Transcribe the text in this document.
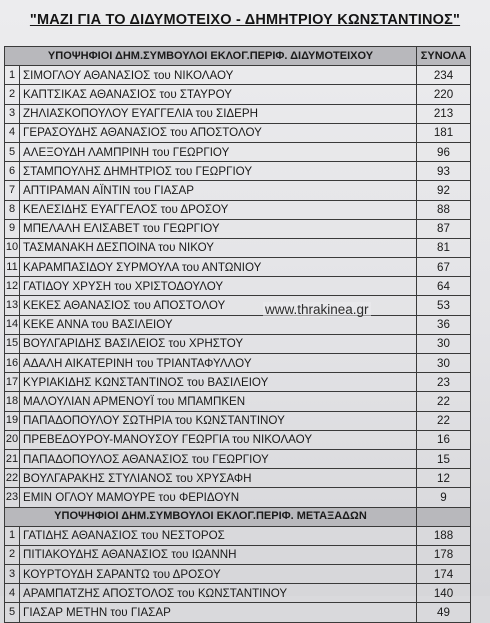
"ΜΑΖΙ ΓΙΑ ΤΟ ΔΙΔΥΜΟΤΕΙΧΟ - ΔΗΜΗΤΡΙΟΥ ΚΩΝΣΤΑΝΤΙΝΟΣ"
ΥΠΟΨΗΦΙΟΙ ΔΗΜ.ΣΥΜΒΟΥΛΟΙ ΕΚΛΟΓ.ΠΕΡΙΦ. ΔΙΔΥΜΟΤΕΙΧΟΥ		ΣΥΝΟΛΑ
1	ΣΙΜΟΓΛΟΥ ΑΘΑΝΑΣΙΟΣ του ΝΙΚΟΛΑΟΥ	234
2	ΚΑΠΤΣΙΚΑΣ ΑΘΑΝΑΣΙΟΣ του ΣΤΑΥΡΟΥ	220
3	ΖΗΛΙΑΣΚΟΠΟΥΛΟΥ ΕΥΑΓΓΕΛΙΑ του ΣΙΔΕΡΗ	213
4	ΓΕΡΑΣΟΥΔΗΣ ΑΘΑΝΑΣΙΟΣ του ΑΠΟΣΤΟΛΟΥ	181
5	ΑΛΕΞΟΥΔΗ ΛΑΜΠΡΙΝΗ του ΓΕΩΡΓΙΟΥ	96
6	ΣΤΑΜΠΟΥΛΗΣ ΔΗΜΗΤΡΙΟΣ του ΓΕΩΡΓΙΟΥ	93
7	ΑΠΤΙΡΑΜΑΝ ΑΪΝΤΙΝ του ΓΙΑΣΑΡ	92
8	ΚΕΛΕΣΙΔΗΣ ΕΥΑΓΓΕΛΟΣ του ΔΡΟΣΟΥ	88
9	ΜΠΕΛΑΛΗ ΕΛΙΣΑΒΕΤ του ΓΕΩΡΓΙΟΥ	87
10	ΤΑΣΜΑΝΑΚΗ ΔΕΣΠΟΙΝΑ του ΝΙΚΟΥ	81
11	ΚΑΡΑΜΠΑΣΙΔΟΥ ΣΥΡΜΟΥΛΑ του ΑΝΤΩΝΙΟΥ	67
12	ΓΑΤΙΔΟΥ ΧΡΥΣΗ του ΧΡΙΣΤΟΔΟΥΛΟΥ	64
13	ΚΕΚΕΣ ΑΘΑΝΑΣΙΟΣ του ΑΠΟΣΤΟΛΟΥ	53
14	ΚΕΚΕ ΑΝΝΑ του ΒΑΣΙΛΕΙΟΥ	36
15	ΒΟΥΛΓΑΡΙΔΗΣ ΒΑΣΙΛΕΙΟΣ του ΧΡΗΣΤΟΥ	30
16	ΑΔΑΛΗ ΑΙΚΑΤΕΡΙΝΗ του ΤΡΙΑΝΤΑΦΥΛΛΟΥ	30
17	ΚΥΡΙΑΚΙΔΗΣ ΚΩΝΣΤΑΝΤΙΝΟΣ του ΒΑΣΙΛΕΙΟΥ	23
18	ΜΑΛΟΥΛΙΑΝ ΑΡΜΕΝΟΥΪ του ΜΠΑΜΠΚΕΝ	22
19	ΠΑΠΑΔΟΠΟΥΛΟΥ ΣΩΤΗΡΙΑ του ΚΩΝΣΤΑΝΤΙΝΟΥ	22
20	ΠΡΕΒΕΔΟΥΡΟΥ-ΜΑΝΟΥΣΟΥ ΓΕΩΡΓΙΑ του ΝΙΚΟΛΑΟΥ	16
21	ΠΑΠΑΔΟΠΟΥΛΟΣ ΑΘΑΝΑΣΙΟΣ του ΓΕΩΡΓΙΟΥ	15
22	ΒΟΥΛΓΑΡΑΚΗΣ ΣΤΥΛΙΑΝΟΣ του ΧΡΥΣΑΦΗ	12
23	ΕΜΙΝ ΟΓΛΟΥ ΜΑΜΟΥΡΕ του ΦΕΡΙΔΟΥΝ	9
ΥΠΟΨΗΦΙΟΙ ΔΗΜ.ΣΥΜΒΟΥΛΟΙ ΕΚΛΟΓ.ΠΕΡΙΦ. ΜΕΤΑΞΑΔΩΝ		
1	ΓΑΤΙΔΗΣ ΑΘΑΝΑΣΙΟΣ του ΝΕΣΤΟΡΟΣ	188
2	ΠΙΤΙΑΚΟΥΔΗΣ ΑΘΑΝΑΣΙΟΣ του ΙΩΑΝΝΗ	178
3	ΚΟΥΡΤΟΥΔΗ ΣΑΡΑΝΤΩ του ΔΡΟΣΟΥ	174
4	ΑΡΑΜΠΑΤΖΗΣ ΑΠΟΣΤΟΛΟΣ του ΚΩΝΣΤΑΝΤΙΝΟΥ	140
5	ΓΙΑΣΑΡ ΜΕΤΗΝ του ΓΙΑΣΑΡ	49
www.thrakinea.gr
